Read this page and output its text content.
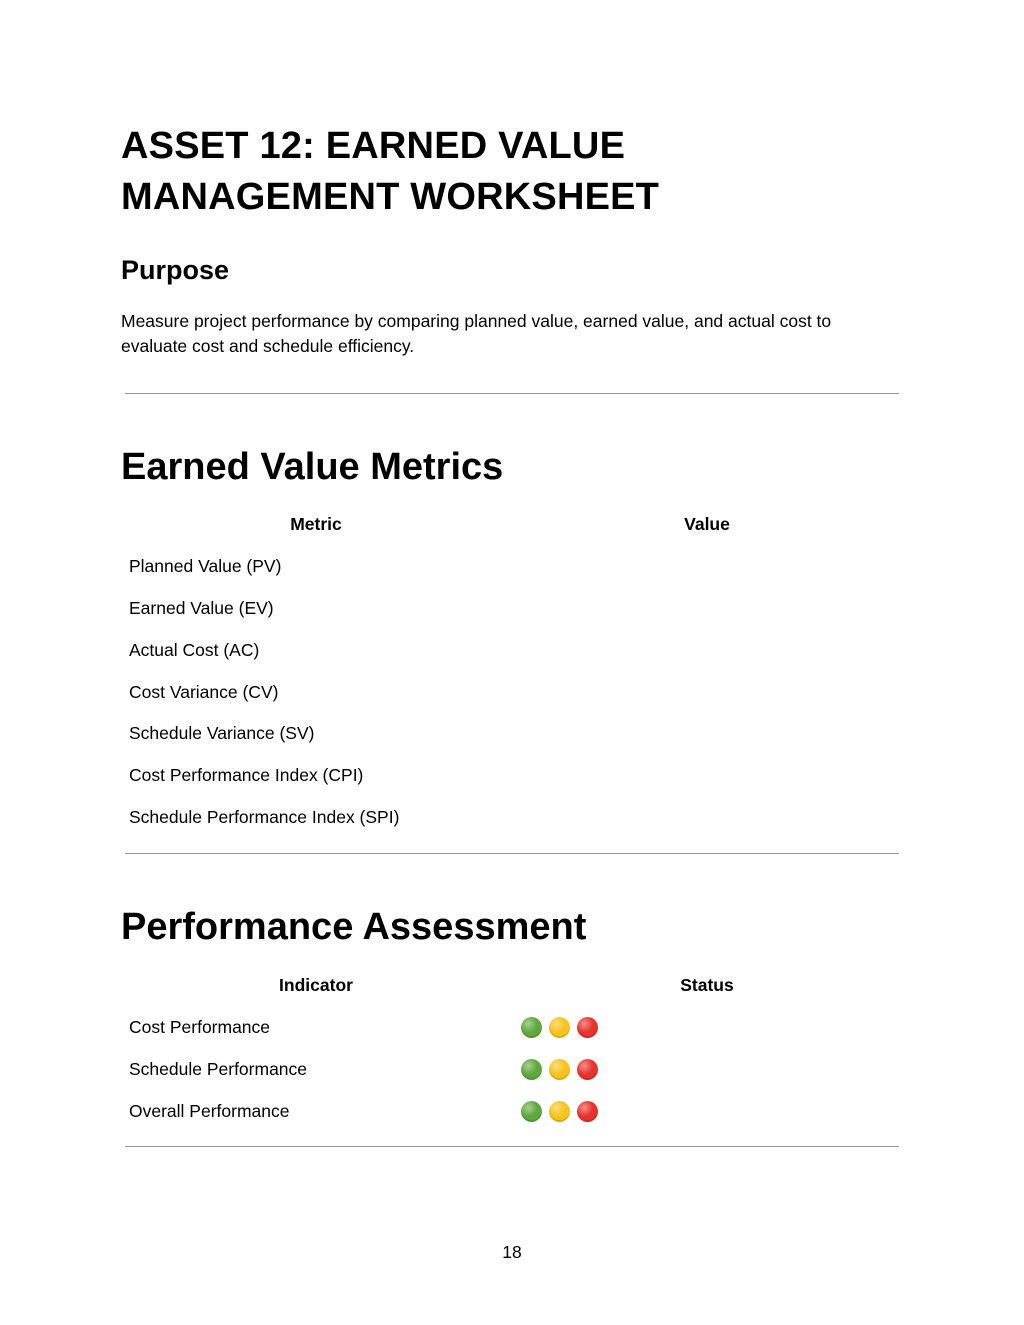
ASSET 12: EARNED VALUE
MANAGEMENT WORKSHEET
Purpose

Measure project performance by comparing planned value, earned value, and actual cost to
evaluate cost and schedule efficiency.

Earned Value Metrics
Metric	Value
Planned Value (PV)
Earned Value (EV)
Actual Cost (AC)
Cost Variance (CV)
Schedule Variance (SV)
Cost Performance Index (CPI)
Schedule Performance Index (SPI)
Performance Assessment
Indicator	Status
Cost Performance
Schedule Performance
Overall Performance
18
